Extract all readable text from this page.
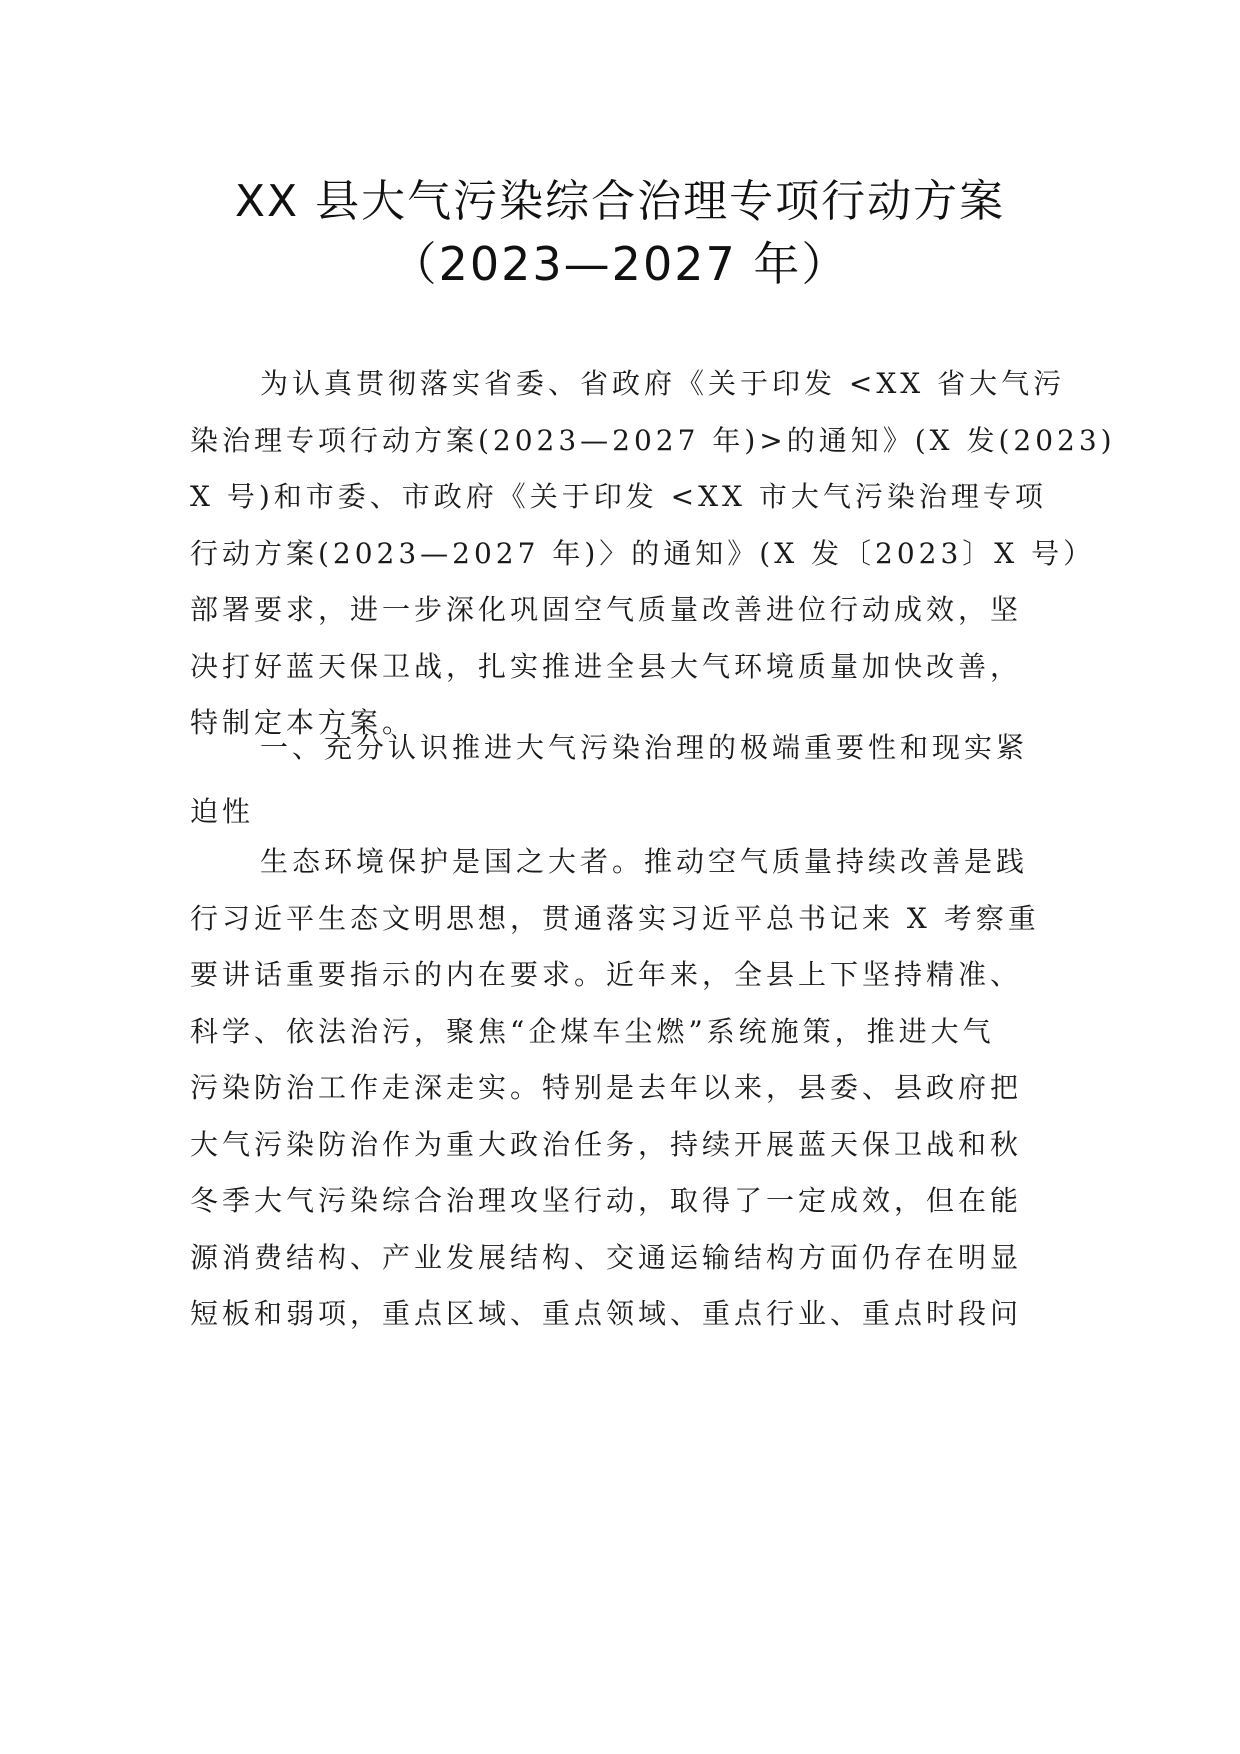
XX 县大气污染综合治理专项行动方案
（2023—2027 年）
为认真贯彻落实省委、省政府《关于印发 <XX 省大气污
染治理专项行动方案(2023—2027 年)>的通知》(X 发(2023)
X 号)和市委、市政府《关于印发 <XX 市大气污染治理专项
行动方案(2023—2027 年)〉的通知》(X 发〔2023〕X 号）
部署要求，进一步深化巩固空气质量改善进位行动成效，坚
决打好蓝天保卫战，扎实推进全县大气环境质量加快改善，
特制定本方案。
一、充分认识推进大气污染治理的极端重要性和现实紧
迫性
生态环境保护是国之大者。推动空气质量持续改善是践
行习近平生态文明思想，贯通落实习近平总书记来 X 考察重
要讲话重要指示的内在要求。近年来，全县上下坚持精准、
科学、依法治污，聚焦“企煤车尘燃”系统施策，推进大气
污染防治工作走深走实。特别是去年以来，县委、县政府把
大气污染防治作为重大政治任务，持续开展蓝天保卫战和秋
冬季大气污染综合治理攻坚行动，取得了一定成效，但在能
源消费结构、产业发展结构、交通运输结构方面仍存在明显
短板和弱项，重点区域、重点领域、重点行业、重点时段问
